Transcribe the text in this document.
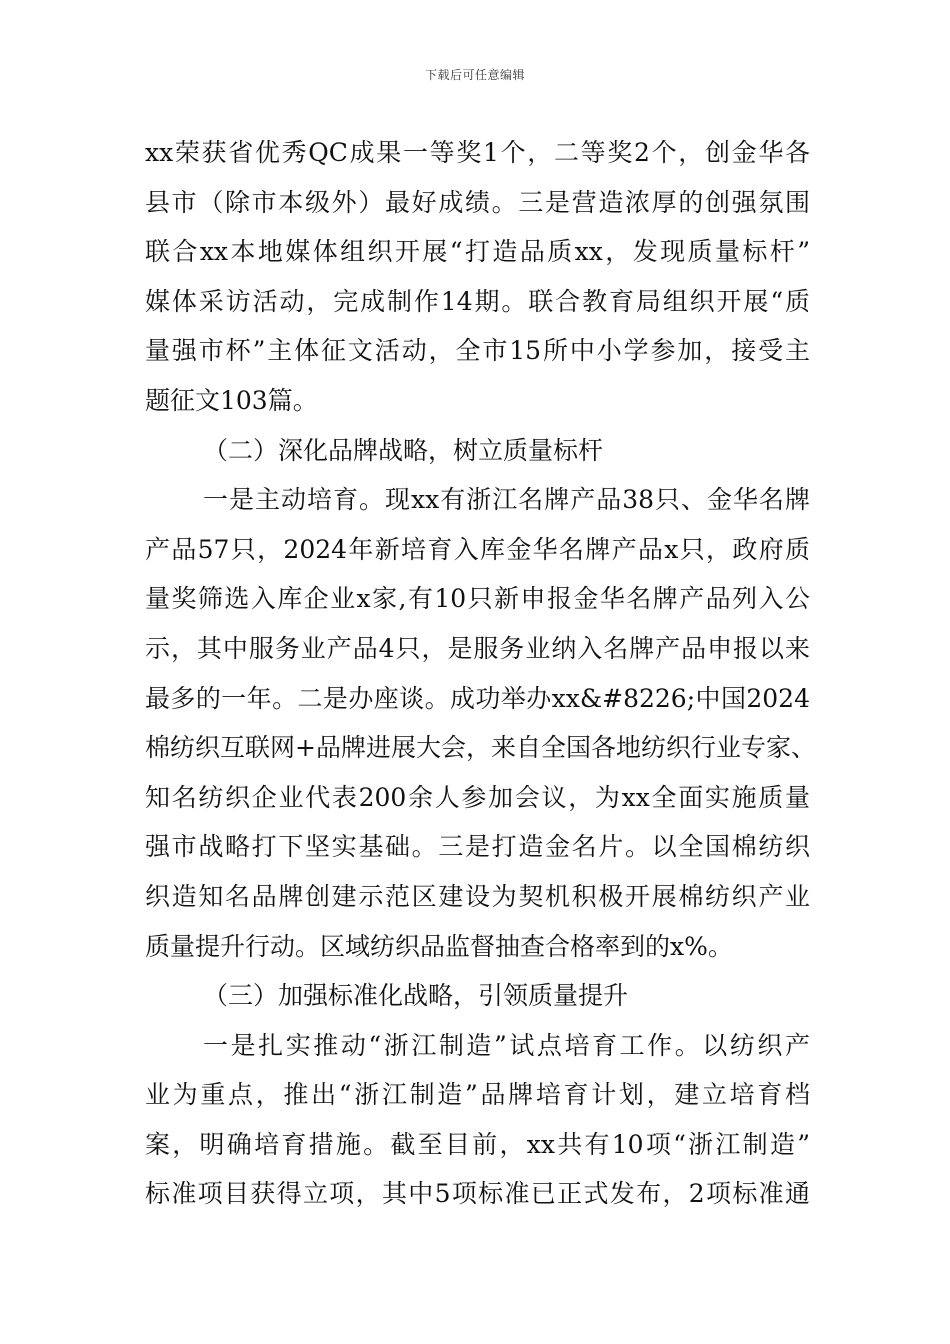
下载后可任意编辑
xx荣获省优秀QC成果一等奖1个，二等奖2个，创金华各
县市（除市本级外）最好成绩。三是营造浓厚的创强氛围
联合xx本地媒体组织开展“打造品质xx，发现质量标杆”
媒体采访活动，完成制作14期。联合教育局组织开展“质
量强市杯”主体征文活动，全市15所中小学参加，接受主
题征文103篇。
（二）深化品牌战略，树立质量标杆
一是主动培育。现xx有浙江名牌产品38只、金华名牌
产品57只，2024年新培育入库金华名牌产品x只，政府质
量奖筛选入库企业x家,有10只新申报金华名牌产品列入公
示，其中服务业产品4只，是服务业纳入名牌产品申报以来
最多的一年。二是办座谈。成功举办xx&#8226;中国2024
棉纺织互联网+品牌进展大会，来自全国各地纺织行业专家、
知名纺织企业代表200余人参加会议，为xx全面实施质量
强市战略打下坚实基础。三是打造金名片。以全国棉纺织
织造知名品牌创建示范区建设为契机积极开展棉纺织产业
质量提升行动。区域纺织品监督抽查合格率到的x%。
（三）加强标准化战略，引领质量提升
一是扎实推动“浙江制造”试点培育工作。以纺织产
业为重点，推出“浙江制造”品牌培育计划，建立培育档
案，明确培育措施。截至目前，xx共有10项“浙江制造”
标准项目获得立项，其中5项标准已正式发布，2项标准通
